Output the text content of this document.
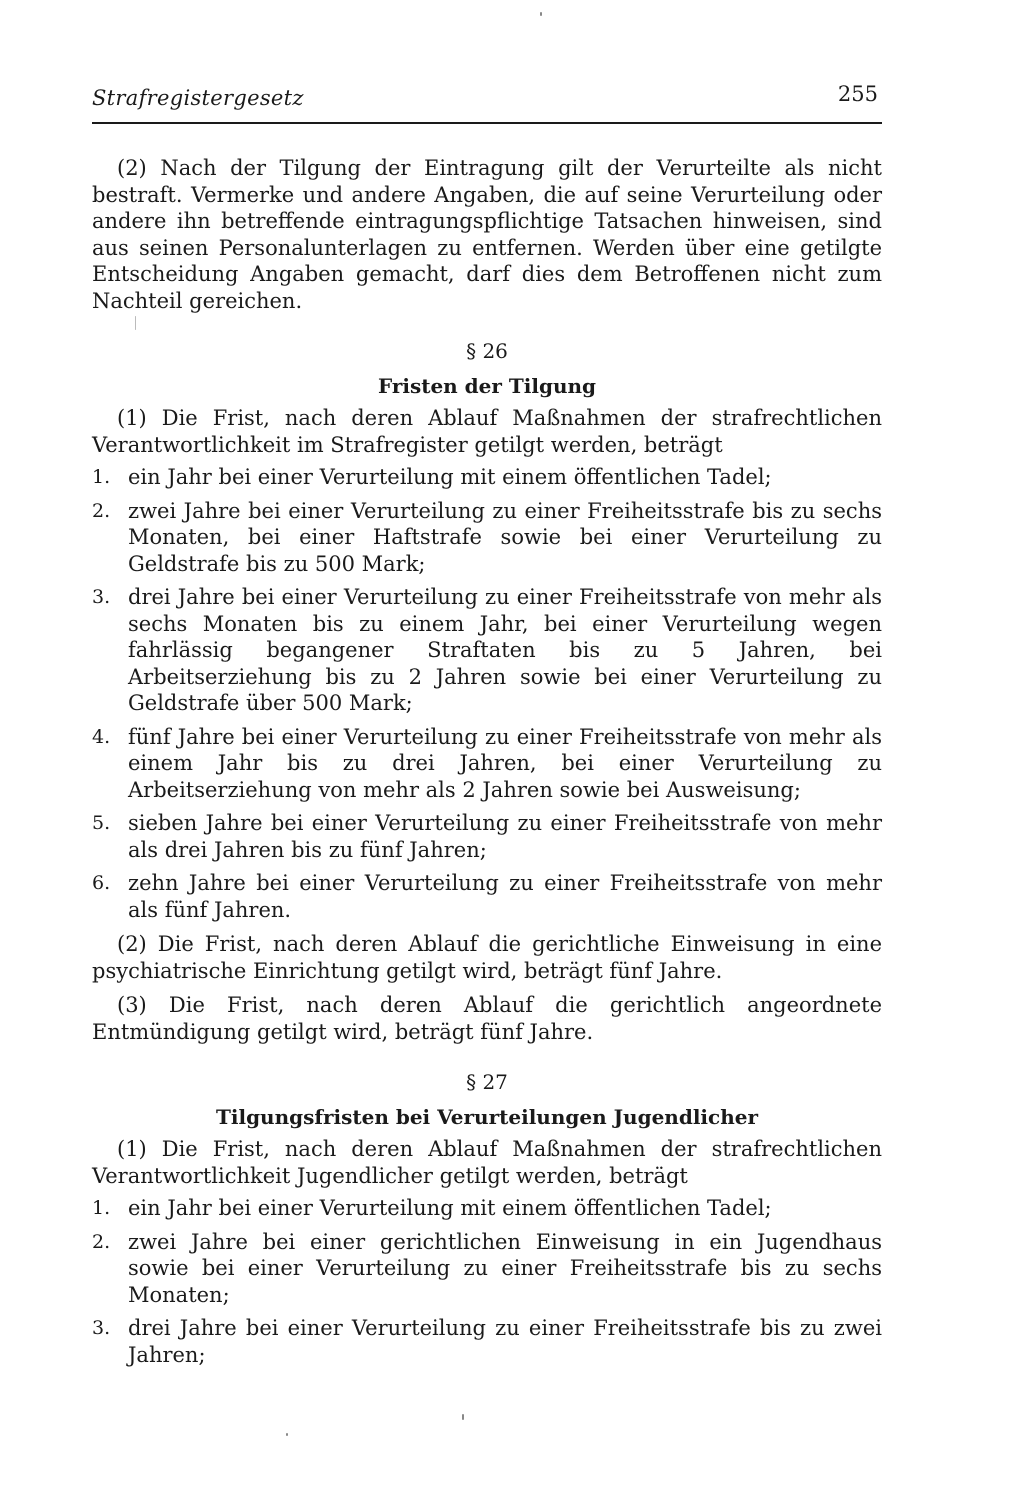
Strafregistergesetz	255

(2) Nach der Tilgung der Eintragung gilt der Verurteilte als nicht bestraft. Vermerke und andere Angaben, die auf seine Verurteilung oder andere ihn betreffende eintragungspflichtige Tatsachen hinweisen, sind aus seinen Personalunterlagen zu entfernen. Werden über eine getilgte Entscheidung Angaben gemacht, darf dies dem Betroffenen nicht zum Nachteil gereichen.

§ 26
Fristen der Tilgung

(1) Die Frist, nach deren Ablauf Maßnahmen der strafrechtlichen Verantwortlichkeit im Strafregister getilgt werden, beträgt

1. ein Jahr bei einer Verurteilung mit einem öffentlichen Tadel;
2. zwei Jahre bei einer Verurteilung zu einer Freiheitsstrafe bis zu sechs Monaten, bei einer Haftstrafe sowie bei einer Verurteilung zu Geldstrafe bis zu 500 Mark;
3. drei Jahre bei einer Verurteilung zu einer Freiheitsstrafe von mehr als sechs Monaten bis zu einem Jahr, bei einer Verurteilung wegen fahrlässig begangener Straftaten bis zu 5 Jahren, bei Arbeitserziehung bis zu 2 Jahren sowie bei einer Verurteilung zu Geldstrafe über 500 Mark;
4. fünf Jahre bei einer Verurteilung zu einer Freiheitsstrafe von mehr als einem Jahr bis zu drei Jahren, bei einer Verurteilung zu Arbeitserziehung von mehr als 2 Jahren sowie bei Ausweisung;
5. sieben Jahre bei einer Verurteilung zu einer Freiheitsstrafe von mehr als drei Jahren bis zu fünf Jahren;
6. zehn Jahre bei einer Verurteilung zu einer Freiheitsstrafe von mehr als fünf Jahren.

(2) Die Frist, nach deren Ablauf die gerichtliche Einweisung in eine psychiatrische Einrichtung getilgt wird, beträgt fünf Jahre.

(3) Die Frist, nach deren Ablauf die gerichtlich angeordnete Entmündigung getilgt wird, beträgt fünf Jahre.

§ 27
Tilgungsfristen bei Verurteilungen Jugendlicher

(1) Die Frist, nach deren Ablauf Maßnahmen der strafrechtlichen Verantwortlichkeit Jugendlicher getilgt werden, beträgt

1. ein Jahr bei einer Verurteilung mit einem öffentlichen Tadel;
2. zwei Jahre bei einer gerichtlichen Einweisung in ein Jugendhaus sowie bei einer Verurteilung zu einer Freiheitsstrafe bis zu sechs Monaten;
3. drei Jahre bei einer Verurteilung zu einer Freiheitsstrafe bis zu zwei Jahren;
